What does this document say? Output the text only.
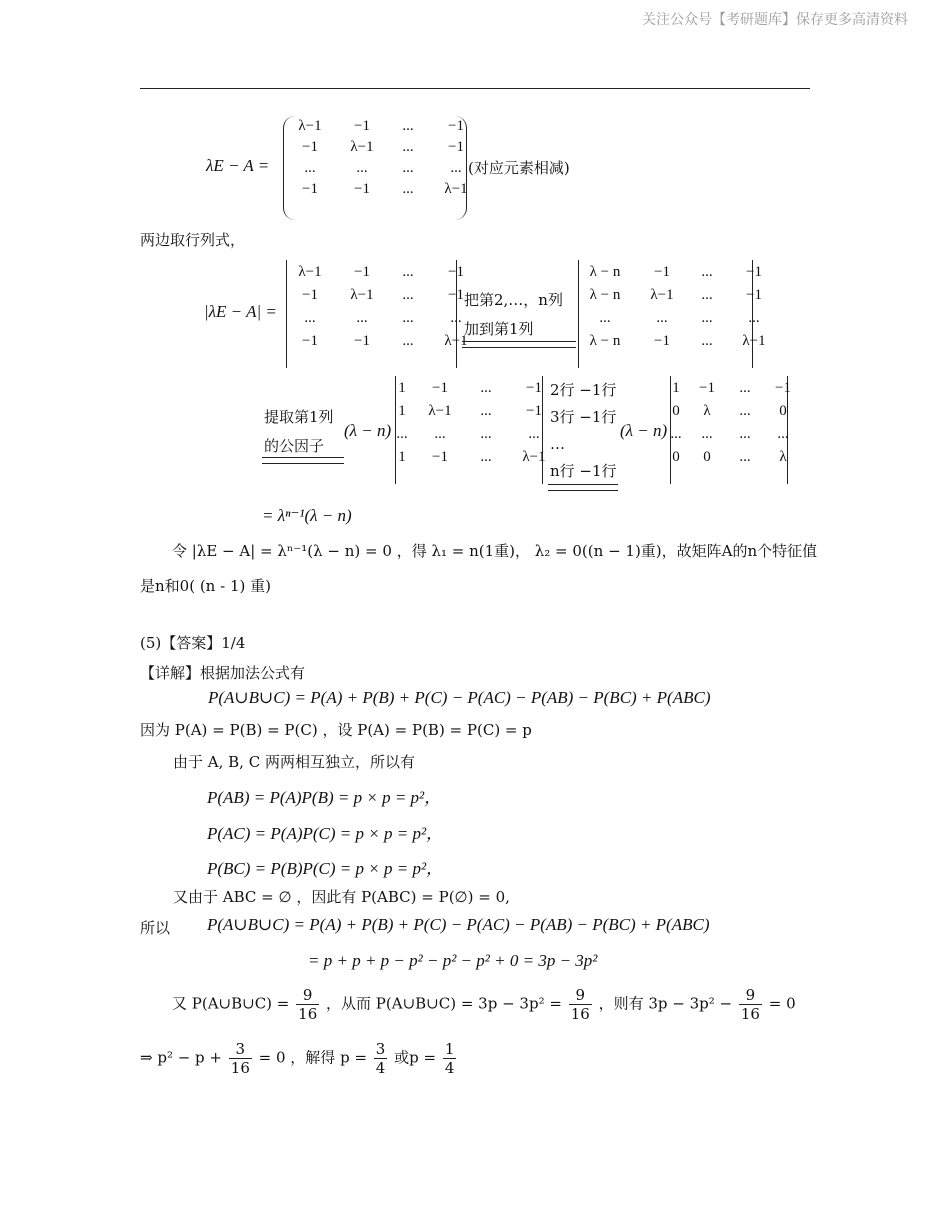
关注公众号【考研题库】保存更多高清资料
λE − A =
λ−1	−1	...	−1
−1	λ−1	...	−1
...	...	...	...
−1	−1	...	λ−1
(对应元素相减)
两边取行列式，
|λE − A| =
λ−1	−1	...	−1
−1	λ−1	...	−1
...	...	...	...
−1	−1	...	λ−1
把第2,…，n列
加到第1列
λ − n	−1	...	−1
λ − n	λ−1	...	−1
...	...	...	...
λ − n	−1	...	λ−1
提取第1列
的公因子
(λ − n)
1	−1	...	−1
1	λ−1	...	−1
...	...	...	...
1	−1	...	λ−1
2行 −1行
3行 −1行
…
n行 −1行
(λ − n)
1 −1	...	−1
0	λ	...	0
...	...	...	...
0	0	...	λ
= λⁿ⁻¹(λ − n)
令 |λE − A| = λⁿ⁻¹(λ − n) = 0 ，得 λ₁ = n(1重)， λ₂ = 0((n − 1)重)，故矩阵A的n个特征值
是n和0( (n - 1) 重)
(5)【答案】1/4
【详解】根据加法公式有
P(A∪B∪C) = P(A) + P(B) + P(C) − P(AC) − P(AB) − P(BC) + P(ABC)
因为 P(A) = P(B) = P(C) ，设 P(A) = P(B) = P(C) = p
由于 A, B, C 两两相互独立，所以有
P(AB) = P(A)P(B) = p × p = p²，
P(AC) = P(A)P(C) = p × p = p²，
P(BC) = P(B)P(C) = p × p = p²，
又由于 ABC = ∅ ，因此有 P(ABC) = P(∅) = 0,
所以 P(A∪B∪C) = P(A) + P(B) + P(C) − P(AC) − P(AB) − P(BC) + P(ABC)
= p + p + p − p² − p² − p² + 0 = 3p − 3p²
又 P(A∪B∪C) = $\frac{9}{16}$ ，从而 P(A∪B∪C) = $3p - 3p^2 = \frac{9}{16}$ ，则有 $3p - 3p^2 - \frac{9}{16} = 0$
⇒ $p^2 - p + \frac{3}{16} = 0$ ，解得 $p = \frac{3}{4}$ 或$p = \frac{1}{4}$
